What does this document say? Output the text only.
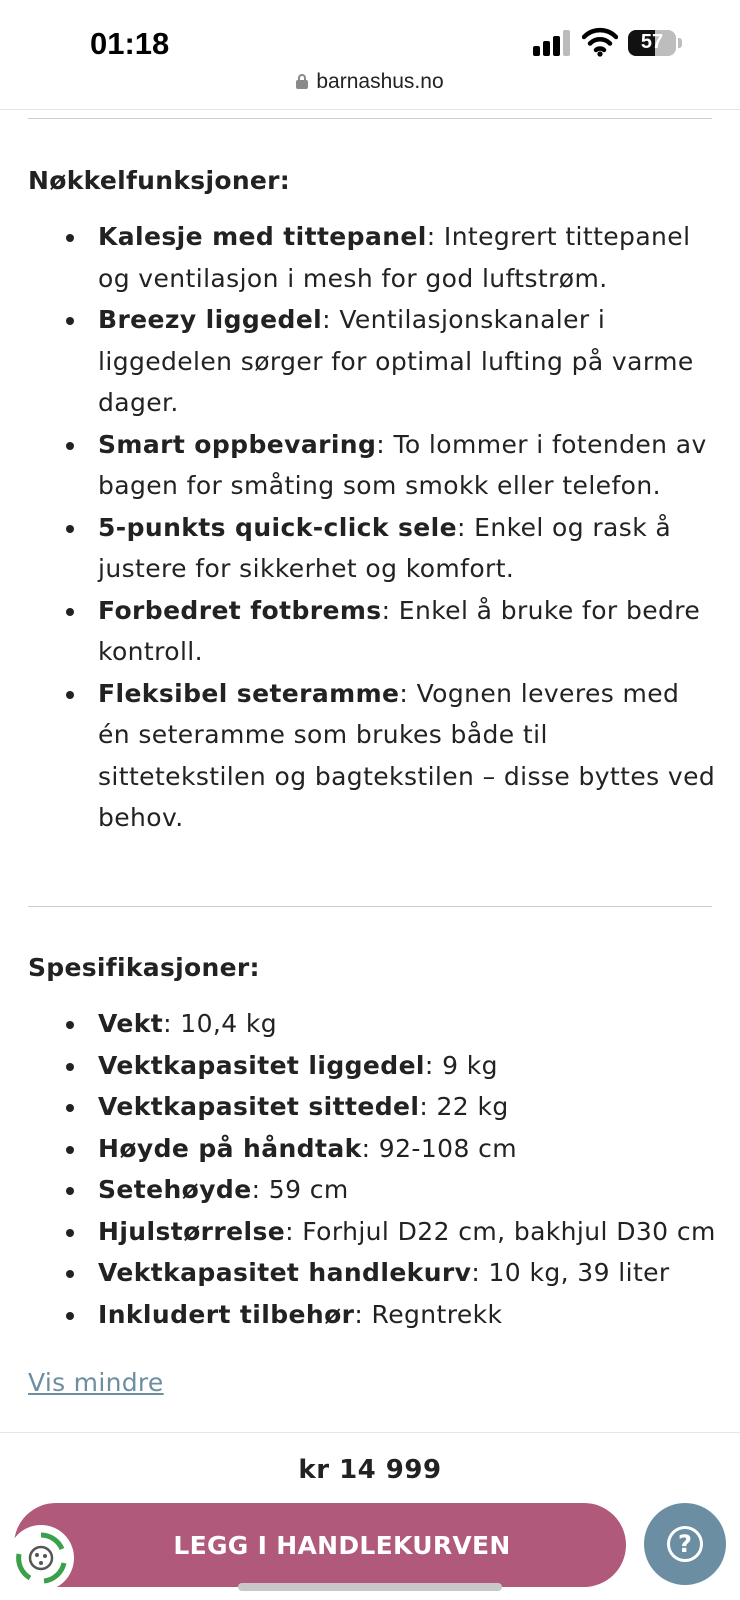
01:18	57
barnashus.no
Nøkkelfunksjoner:
Kalesje med tittepanel: Integrert tittepanel og ventilasjon i mesh for god luftstrøm.
Breezy liggedel: Ventilasjonskanaler i liggedelen sørger for optimal lufting på varme dager.
Smart oppbevaring: To lommer i fotenden av bagen for småting som smokk eller telefon.
5-punkts quick-click sele: Enkel og rask å justere for sikkerhet og komfort.
Forbedret fotbrems: Enkel å bruke for bedre kontroll.
Fleksibel seteramme: Vognen leveres med én seteramme som brukes både til sittetekstilen og bagtekstilen – disse byttes ved behov.
Spesifikasjoner:
Vekt: 10,4 kg
Vektkapasitet liggedel: 9 kg
Vektkapasitet sittedel: 22 kg
Høyde på håndtak: 92-108 cm
Setehøyde: 59 cm
Hjulstørrelse: Forhjul D22 cm, bakhjul D30 cm
Vektkapasitet handlekurv: 10 kg, 39 liter
Inkludert tilbehør: Regntrekk
Vis mindre
kr 14 999
LEGG I HANDLEKURVEN	?
